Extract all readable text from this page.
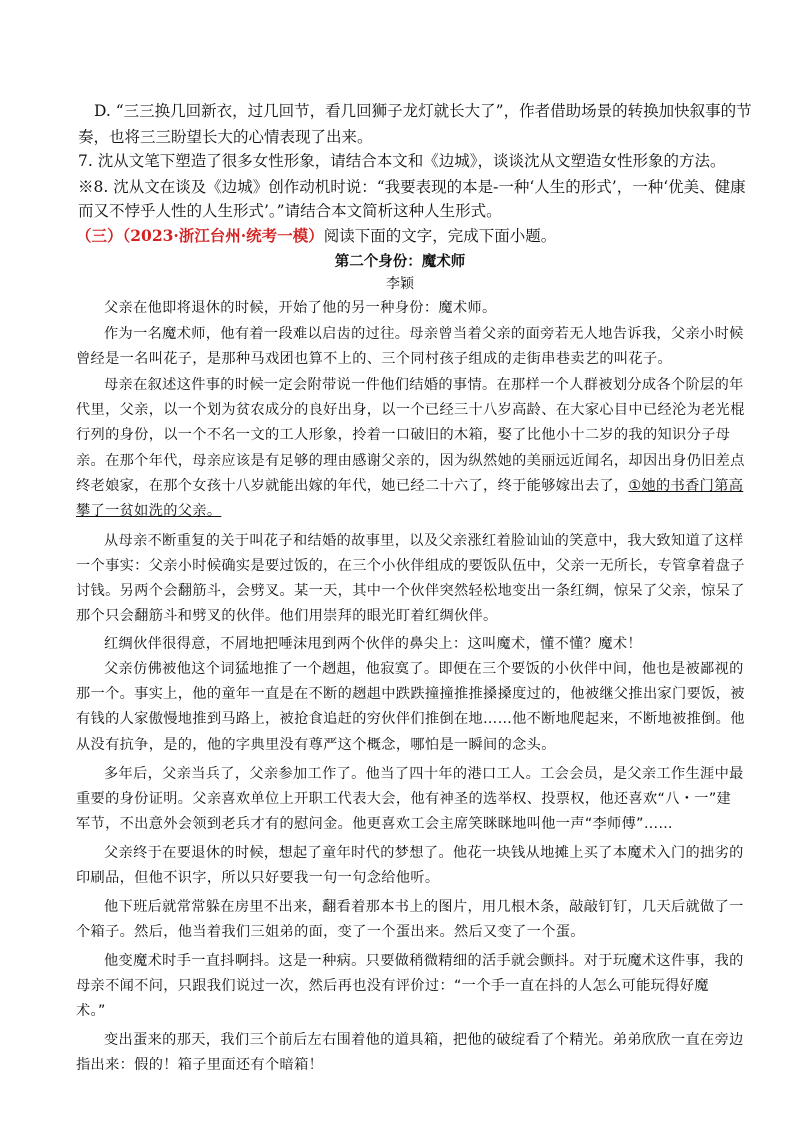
D. “三三换几回新衣，过几回节，看几回狮子龙灯就长大了”，作者借助场景的转换加快叙事的节
奏，也将三三盼望长大的心情表现了出来。
7. 沈从文笔下塑造了很多女性形象，请结合本文和《边城》，谈谈沈从文塑造女性形象的方法。
※8. 沈从文在谈及《边城》创作动机时说：“我要表现的本是-一种‘人生的形式’，一种‘优美、健康
而又不悖乎人性的人生形式’。”请结合本文简析这种人生形式。
（三）（2023·浙江台州·统考一模）阅读下面的文字，完成下面小题。
第二个身份：魔术师
李颖
父亲在他即将退休的时候，开始了他的另一种身份：魔术师。
作为一名魔术师，他有着一段难以启齿的过往。母亲曾当着父亲的面旁若无人地告诉我，父亲小时候
曾经是一名叫花子，是那种马戏团也算不上的、三个同村孩子组成的走街串巷卖艺的叫花子。
母亲在叙述这件事的时候一定会附带说一件他们结婚的事情。在那样一个人群被划分成各个阶层的年
代里，父亲，以一个划为贫农成分的良好出身，以一个已经三十八岁高龄、在大家心目中已经沦为老光棍
行列的身份，以一个不名一文的工人形象，拎着一口破旧的木箱，娶了比他小十二岁的我的知识分子母
亲。在那个年代，母亲应该是有足够的理由感谢父亲的，因为纵然她的美丽远近闻名，却因出身仍旧差点
终老娘家，在那个女孩十八岁就能出嫁的年代，她已经二十六了，终于能够嫁出去了，①她的书香门第高
攀了一贫如洗的父亲。
从母亲不断重复的关于叫花子和结婚的故事里，以及父亲涨红着脸讪讪的笑意中，我大致知道了这样
一个事实：父亲小时候确实是要过饭的，在三个小伙伴组成的要饭队伍中，父亲一无所长，专管拿着盘子
讨钱。另两个会翻筋斗，会劈叉。某一天，其中一个伙伴突然轻松地变出一条红绸，惊呆了父亲，惊呆了
那个只会翻筋斗和劈叉的伙伴。他们用崇拜的眼光盯着红绸伙伴。
红绸伙伴很得意，不屑地把唾沫甩到两个伙伴的鼻尖上：这叫魔术，懂不懂？魔术！
父亲仿佛被他这个词猛地推了一个趔趄，他寂寞了。即便在三个要饭的小伙伴中间，他也是被鄙视的
那一个。事实上，他的童年一直是在不断的趔趄中跌跌撞撞推推搡搡度过的，他被继父推出家门要饭，被
有钱的人家傲慢地推到马路上，被抢食追赶的穷伙伴们推倒在地……他不断地爬起来，不断地被推倒。他
从没有抗争，是的，他的字典里没有尊严这个概念，哪怕是一瞬间的念头。
多年后，父亲当兵了，父亲参加工作了。他当了四十年的港口工人。工会会员，是父亲工作生涯中最
重要的身份证明。父亲喜欢单位上开职工代表大会，他有神圣的选举权、投票权，他还喜欢“八・一”建
军节，不出意外会领到老兵才有的慰问金。他更喜欢工会主席笑眯眯地叫他一声“李师傅”……
父亲终于在要退休的时候，想起了童年时代的梦想了。他花一块钱从地摊上买了本魔术入门的拙劣的
印刷品，但他不识字，所以只好要我一句一句念给他听。
他下班后就常常躲在房里不出来，翻看着那本书上的图片，用几根木条，敲敲钉钉，几天后就做了一
个箱子。然后，他当着我们三姐弟的面，变了一个蛋出来。然后又变了一个蛋。
他变魔术时手一直抖啊抖。这是一种病。只要做稍微精细的活手就会颤抖。对于玩魔术这件事，我的
母亲不闻不问，只跟我们说过一次，然后再也没有评价过：“一个手一直在抖的人怎么可能玩得好魔
术。”
变出蛋来的那天，我们三个前后左右围着他的道具箱，把他的破绽看了个精光。弟弟欣欣一直在旁边
指出来：假的！箱子里面还有个暗箱！
